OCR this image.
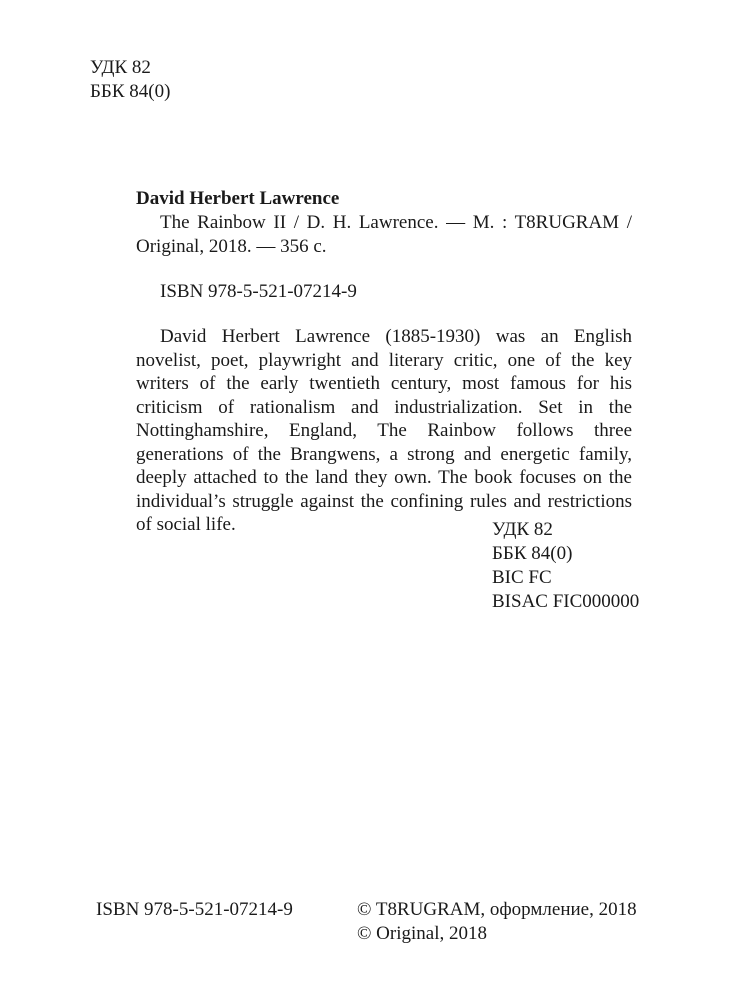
УДК 82
ББК 84(0)
David Herbert Lawrence

The Rainbow II / D. H. Lawrence. — M. : T8RUGRAM / Original, 2018. — 356 c.

ISBN 978-5-521-07214-9

David Herbert Lawrence (1885-1930) was an English novelist, poet, playwright and literary critic, one of the key writers of the early twentieth century, most famous for his criticism of rationalism and industrialization. Set in the Nottinghamshire, England, The Rainbow follows three generations of the Brangwens, a strong and energetic family, deeply attached to the land they own. The book focuses on the individual’s struggle against the confining rules and restrictions of social life.	УДК 82
ББК 84(0)
BIC FC
BISAC FIC000000
ISBN 978-5-521-07214-9	© T8RUGRAM, оформление, 2018
© Original, 2018
